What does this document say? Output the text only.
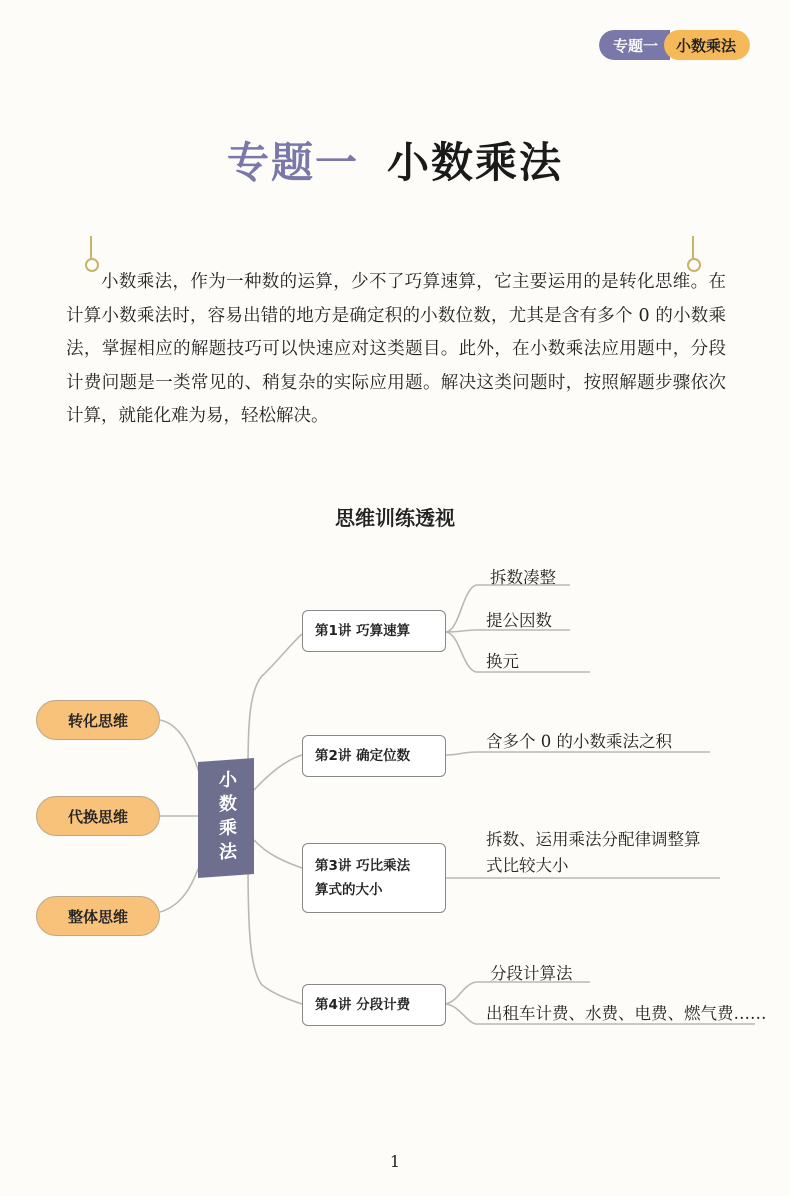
专题一	小数乘法
专题一 小数乘法
小数乘法，作为一种数的运算，少不了巧算速算，它主要运用的是转化思维。在计算小数乘法时，容易出错的地方是确定积的小数位数，尤其是含有多个 0 的小数乘法，掌握相应的解题技巧可以快速应对这类题目。此外，在小数乘法应用题中，分段计费问题是一类常见的、稍复杂的实际应用题。解决这类问题时，按照解题步骤依次计算，就能化难为易，轻松解决。
思维训练透视
转化思维
代换思维
整体思维
小数乘法
第1讲 巧算速算
第2讲 确定位数
第3讲 巧比乘法
算式的大小
第4讲 分段计费
拆数凑整
提公因数
换元
含多个 0 的小数乘法之积
拆数、运用乘法分配律调整算
式比较大小
分段计算法
出租车计费、水费、电费、燃气费……
1
